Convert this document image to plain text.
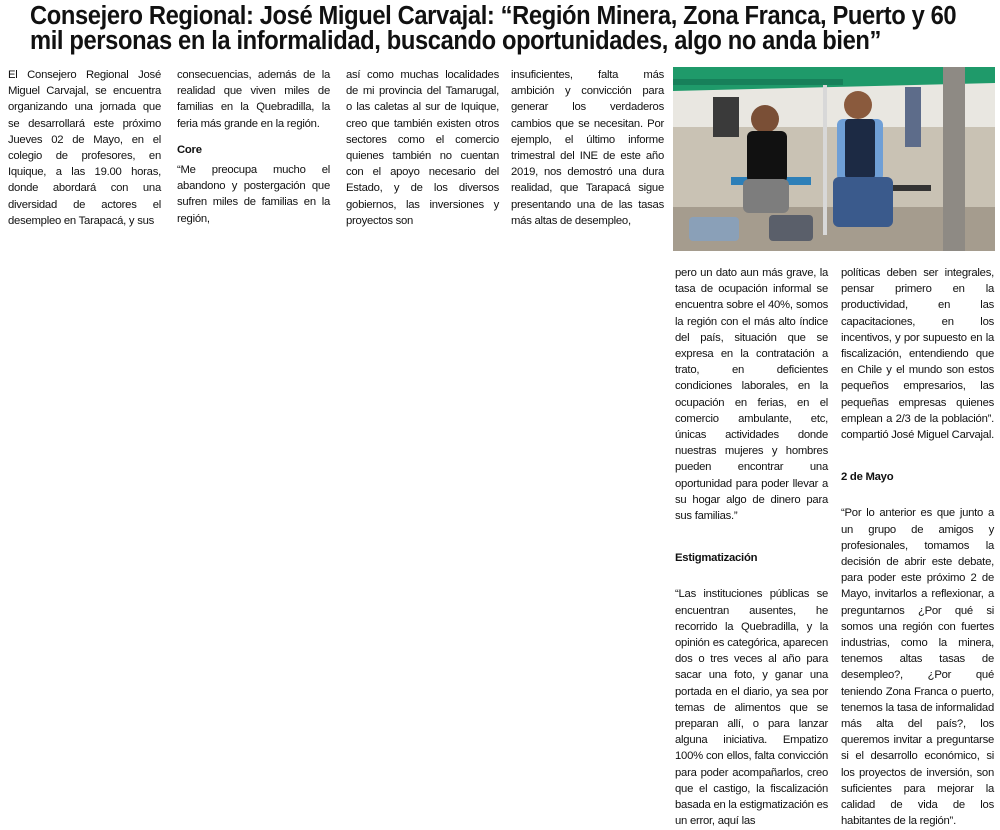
Consejero Regional: José Miguel Carvajal: “Región Minera, Zona Franca, Puerto y 60
mil personas en la informalidad, buscando oportunidades, algo no anda bien”

El Consejero Regional José Miguel Carvajal, se encuentra organizando una jornada que se desarrollará este próximo Jueves 02 de Mayo, en el colegio de profesores, en Iquique, a las 19.00 horas, donde abordará con una diversidad de actores el desempleo en Tarapacá, y sus

consecuencias, además de la realidad que viven miles de familias en la Quebradilla, la feria más grande en la región.

Core

“Me preocupa mucho el abandono y postergación que sufren miles de familias en la región,

así como muchas localidades de mi provincia del Tamarugal, o las caletas al sur de Iquique, creo que también existen otros sectores como el comercio quienes también no cuentan con el apoyo necesario del Estado, y de los diversos gobiernos, las inversiones y proyectos son

insuficientes, falta más ambición y convicción para generar los verdaderos cambios que se necesitan. Por ejemplo, el último informe trimestral del INE de este año 2019, nos demostró una dura realidad, que Tarapacá sigue presentando una de las tasas más altas de desempleo,

pero un dato aun más grave, la tasa de ocupación informal se encuentra sobre el 40%, somos la región con el más alto índice del país, situación que se expresa en la contratación a trato, en deficientes condiciones laborales, en la ocupación en ferias, en el comercio ambulante, etc, únicas actividades donde nuestras mujeres y hombres pueden encontrar una oportunidad para poder llevar a su hogar algo de dinero para sus familias.”

Estigmatización

“Las instituciones públicas se encuentran ausentes, he recorrido la Quebradilla, y la opinión es categórica, aparecen dos o tres veces al año para sacar una foto, y ganar una portada en el diario, ya sea por temas de alimentos que se preparan allí, o para lanzar alguna iniciativa. Empatizo 100% con ellos, falta convicción para poder acompañarlos, creo que el castigo, la fiscalización basada en la estigmatización es un error, aquí las

políticas deben ser integrales, pensar primero en la productividad, en las capacitaciones, en los incentivos, y por supuesto en la fiscalización, entendiendo que en Chile y el mundo son estos pequeños empresarios, las pequeñas empresas quienes emplean a 2/3 de la población”. compartió José Miguel Carvajal.

2 de Mayo

“Por lo anterior es que junto a un grupo de amigos y profesionales, tomamos la decisión de abrir este debate, para poder este próximo 2 de Mayo, invitarlos a reflexionar, a preguntarnos ¿Por qué si somos una región con fuertes industrias, como la minera, tenemos altas tasas de desempleo?, ¿Por qué teniendo Zona Franca o puerto, tenemos la tasa de informalidad más alta del país?, los queremos invitar a preguntarse si el desarrollo económico, si los proyectos de inversión, son suficientes para mejorar la calidad de vida de los habitantes de la región”.
